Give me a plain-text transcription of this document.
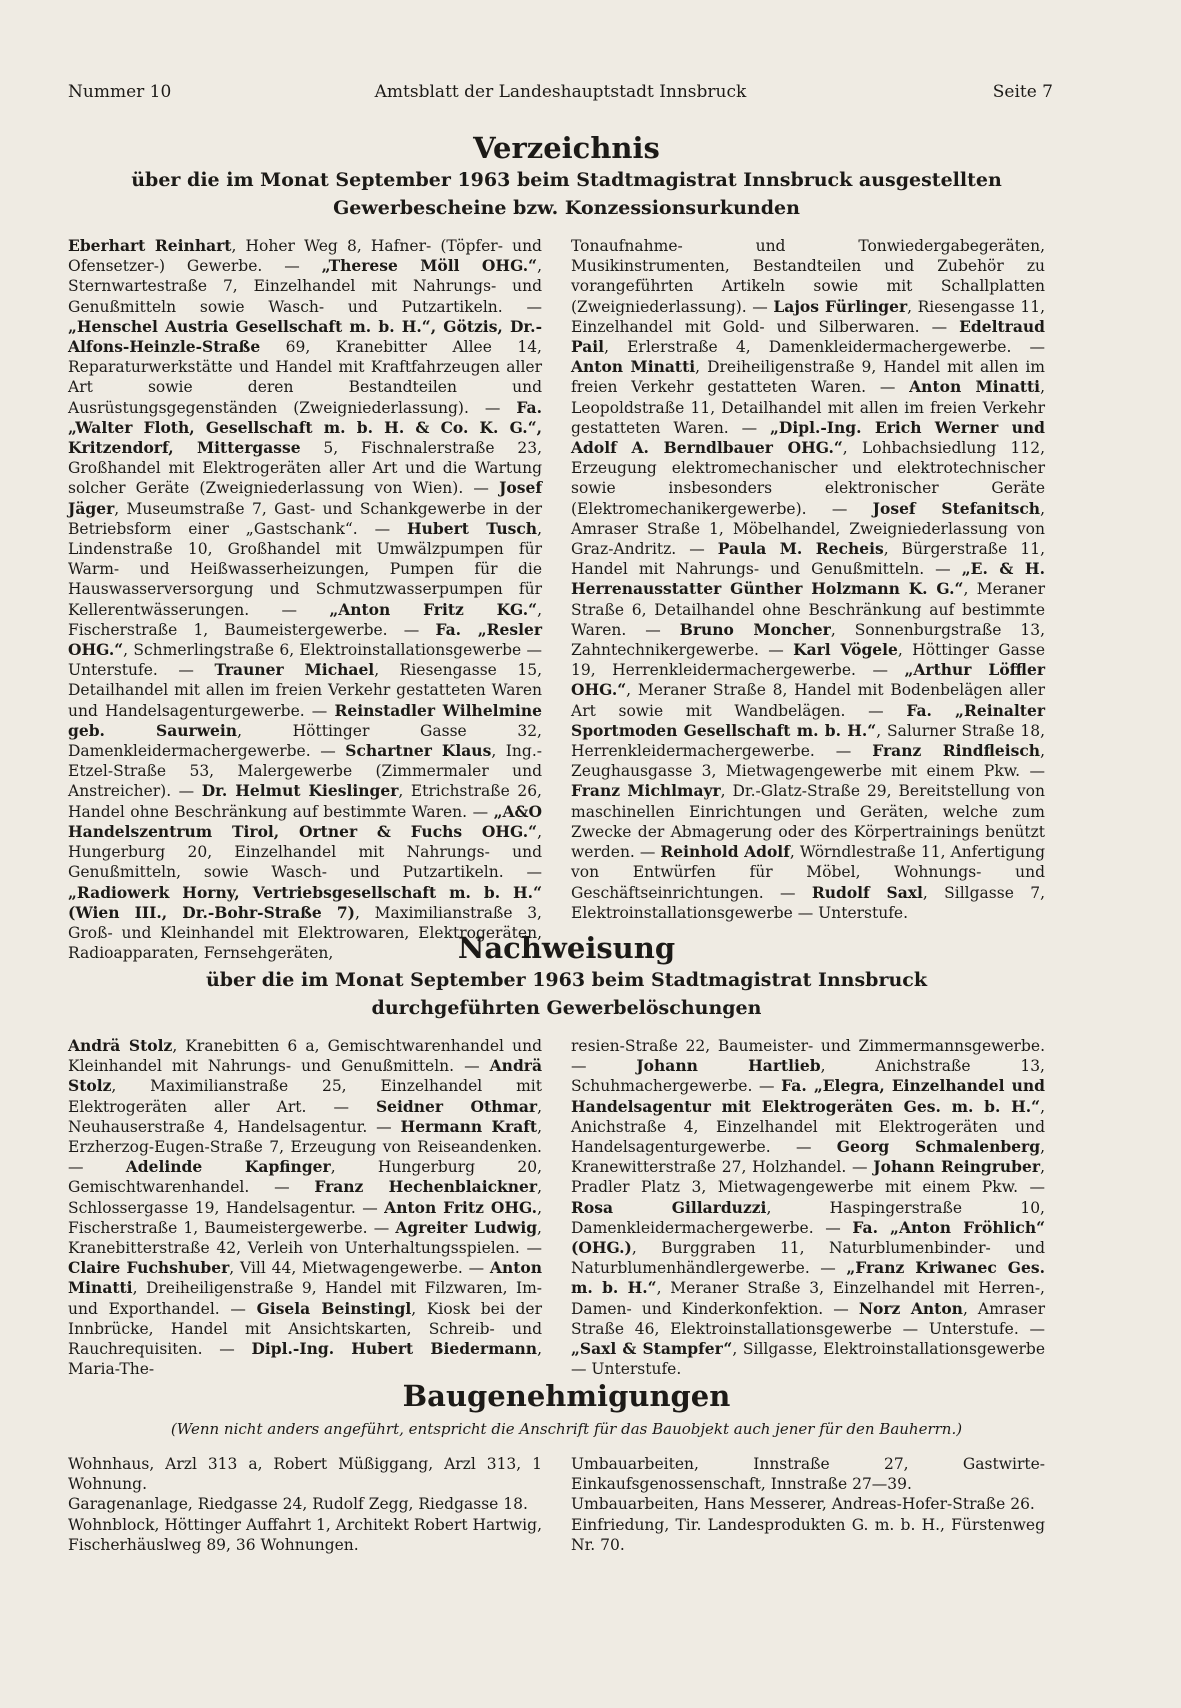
Nummer 10	Amtsblatt der Landeshauptstadt Innsbruck	Seite 7
Verzeichnis

über die im Monat September 1963 beim Stadtmagistrat Innsbruck ausgestellten

Gewerbescheine bzw. Konzessionsurkunden

Eberhart Reinhart, Hoher Weg 8, Hafner- (Töpfer- und Ofensetzer-) Gewerbe. — „Therese Möll OHG.“, Sternwartestraße 7, Einzelhandel mit Nahrungs- und Genußmitteln sowie Wasch- und Putzartikeln. — „Henschel Austria Gesellschaft m. b. H.“, Götzis, Dr.-Alfons-Heinzle-Straße 69, Kranebitter Allee 14, Reparaturwerkstätte und Handel mit Kraftfahrzeugen aller Art sowie deren Bestandteilen und Ausrüstungsgegenständen (Zweigniederlassung). — Fa. „Walter Floth, Gesellschaft m. b. H. & Co. K. G.“, Kritzendorf, Mittergasse 5, Fischnalerstraße 23, Großhandel mit Elektrogeräten aller Art und die Wartung solcher Geräte (Zweigniederlassung von Wien). — Josef Jäger, Museumstraße 7, Gast- und Schankgewerbe in der Betriebsform einer „Gastschank“. — Hubert Tusch, Lindenstraße 10, Großhandel mit Umwälzpumpen für Warm- und Heißwasserheizungen, Pumpen für die Hauswasserversorgung und Schmutzwasserpumpen für Kellerentwässerungen. — „Anton Fritz KG.“, Fischerstraße 1, Baumeistergewerbe. — Fa. „Resler OHG.“, Schmerlingstraße 6, Elektroinstallationsgewerbe — Unterstufe. — Trauner Michael, Riesengasse 15, Detailhandel mit allen im freien Verkehr gestatteten Waren und Handelsagenturgewerbe. — Reinstadler Wilhelmine geb. Saurwein, Höttinger Gasse 32, Damenkleidermachergewerbe. — Schartner Klaus, Ing.-Etzel-Straße 53, Malergewerbe (Zimmermaler und Anstreicher). — Dr. Helmut Kieslinger, Etrichstraße 26, Handel ohne Beschränkung auf bestimmte Waren. — „A&O Handelszentrum Tirol, Ortner & Fuchs OHG.“, Hungerburg 20, Einzelhandel mit Nahrungs- und Genußmitteln, sowie Wasch- und Putzartikeln. — „Radiowerk Horny, Vertriebsgesellschaft m. b. H.“ (Wien III., Dr.-Bohr-Straße 7), Maximilianstraße 3, Groß- und Kleinhandel mit Elektrowaren, Elektrogeräten, Radioapparaten, Fernsehgeräten,

Tonaufnahme- und Tonwiedergabegeräten, Musikinstrumenten, Bestandteilen und Zubehör zu vorangeführten Artikeln sowie mit Schallplatten (Zweigniederlassung). — Lajos Fürlinger, Riesengasse 11, Einzelhandel mit Gold- und Silberwaren. — Edeltraud Pail, Erlerstraße 4, Damenkleidermachergewerbe. — Anton Minatti, Dreiheiligenstraße 9, Handel mit allen im freien Verkehr gestatteten Waren. — Anton Minatti, Leopoldstraße 11, Detailhandel mit allen im freien Verkehr gestatteten Waren. — „Dipl.-Ing. Erich Werner und Adolf A. Berndlbauer OHG.“, Lohbachsiedlung 112, Erzeugung elektromechanischer und elektrotechnischer sowie insbesonders elektronischer Geräte (Elektromechanikergewerbe). — Josef Stefanitsch, Amraser Straße 1, Möbelhandel, Zweigniederlassung von Graz-Andritz. — Paula M. Recheis, Bürgerstraße 11, Handel mit Nahrungs- und Genußmitteln. — „E. & H. Herrenausstatter Günther Holzmann K. G.“, Meraner Straße 6, Detailhandel ohne Beschränkung auf bestimmte Waren. — Bruno Moncher, Sonnenburgstraße 13, Zahntechnikergewerbe. — Karl Vögele, Höttinger Gasse 19, Herrenkleidermachergewerbe. — „Arthur Löffler OHG.“, Meraner Straße 8, Handel mit Bodenbelägen aller Art sowie mit Wandbelägen. — Fa. „Reinalter Sportmoden Gesellschaft m. b. H.“, Salurner Straße 18, Herrenkleidermachergewerbe. — Franz Rindfleisch, Zeughausgasse 3, Mietwagengewerbe mit einem Pkw. — Franz Michlmayr, Dr.-Glatz-Straße 29, Bereitstellung von maschinellen Einrichtungen und Geräten, welche zum Zwecke der Abmagerung oder des Körpertrainings benützt werden. — Reinhold Adolf, Wörndlestraße 11, Anfertigung von Entwürfen für Möbel, Wohnungs- und Geschäftseinrichtungen. — Rudolf Saxl, Sillgasse 7, Elektroinstallationsgewerbe — Unterstufe.

Nachweisung

über die im Monat September 1963 beim Stadtmagistrat Innsbruck

durchgeführten Gewerbelöschungen

Andrä Stolz, Kranebitten 6 a, Gemischtwarenhandel und Kleinhandel mit Nahrungs- und Genußmitteln. — Andrä Stolz, Maximilianstraße 25, Einzelhandel mit Elektrogeräten aller Art. — Seidner Othmar, Neuhauserstraße 4, Handelsagentur. — Hermann Kraft, Erzherzog-Eugen-Straße 7, Erzeugung von Reiseandenken. — Adelinde Kapfinger, Hungerburg 20, Gemischtwarenhandel. — Franz Hechenblaickner, Schlossergasse 19, Handelsagentur. — Anton Fritz OHG., Fischerstraße 1, Baumeistergewerbe. — Agreiter Ludwig, Kranebitterstraße 42, Verleih von Unterhaltungsspielen. — Claire Fuchshuber, Vill 44, Mietwagengewerbe. — Anton Minatti, Dreiheiligenstraße 9, Handel mit Filzwaren, Im- und Exporthandel. — Gisela Beinstingl, Kiosk bei der Innbrücke, Handel mit Ansichtskarten, Schreib- und Rauchrequisiten. — Dipl.-Ing. Hubert Biedermann, Maria-The-

resien-Straße 22, Baumeister- und Zimmermannsgewerbe. — Johann Hartlieb, Anichstraße 13, Schuhmachergewerbe. — Fa. „Elegra, Einzelhandel und Handelsagentur mit Elektrogeräten Ges. m. b. H.“, Anichstraße 4, Einzelhandel mit Elektrogeräten und Handelsagenturgewerbe. — Georg Schmalenberg, Kranewitterstraße 27, Holzhandel. — Johann Reingruber, Pradler Platz 3, Mietwagengewerbe mit einem Pkw. — Rosa Gillarduzzi, Haspingerstraße 10, Damenkleidermachergewerbe. — Fa. „Anton Fröhlich“ (OHG.), Burggraben 11, Naturblumenbinder- und Naturblumenhändlergewerbe. — „Franz Kriwanec Ges. m. b. H.“, Meraner Straße 3, Einzelhandel mit Herren-, Damen- und Kinderkonfektion. — Norz Anton, Amraser Straße 46, Elektroinstallationsgewerbe — Unterstufe. — „Saxl & Stampfer“, Sillgasse, Elektroinstallationsgewerbe — Unterstufe.

Baugenehmigungen

(Wenn nicht anders angeführt, entspricht die Anschrift für das Bauobjekt auch jener für den Bauherrn.)

Wohnhaus, Arzl 313 a, Robert Müßiggang, Arzl 313, 1 Wohnung.

Garagenanlage, Riedgasse 24, Rudolf Zegg, Riedgasse 18.

Wohnblock, Höttinger Auffahrt 1, Architekt Robert Hartwig, Fischerhäuslweg 89, 36 Wohnungen.

Umbauarbeiten, Innstraße 27, Gastwirte-Einkaufsgenossenschaft, Innstraße 27—39.

Umbauarbeiten, Hans Messerer, Andreas-Hofer-Straße 26.

Einfriedung, Tir. Landesprodukten G. m. b. H., Fürstenweg Nr. 70.
